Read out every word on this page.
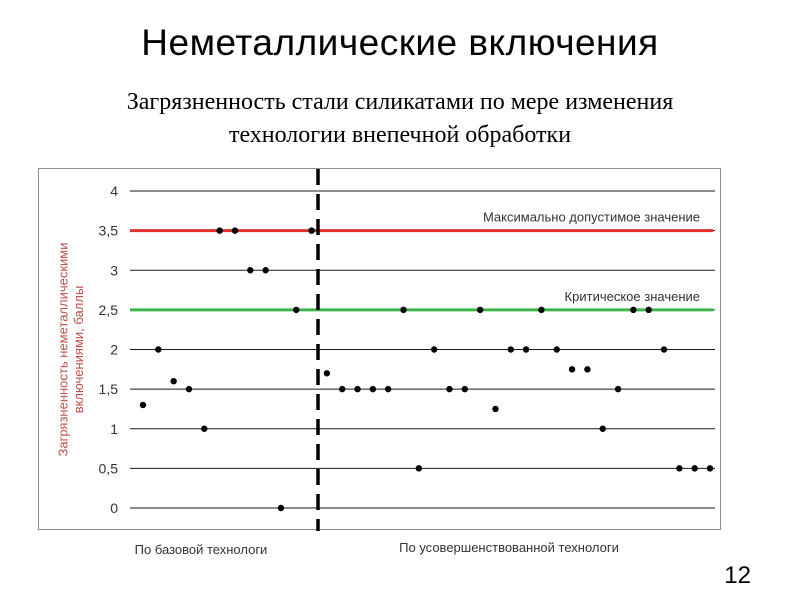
Неметаллические включения
Загрязненность стали силикатами по мере изменения
технологии внепечной обработки
0
0,5
1
1,5
2
2,5
3
3,5
4
Загрязненность неметаллическимивключениями, баллы
Максимально допустимое значение
Критическое значение
12
По базовой технологи	По усовершенствованной технологи
